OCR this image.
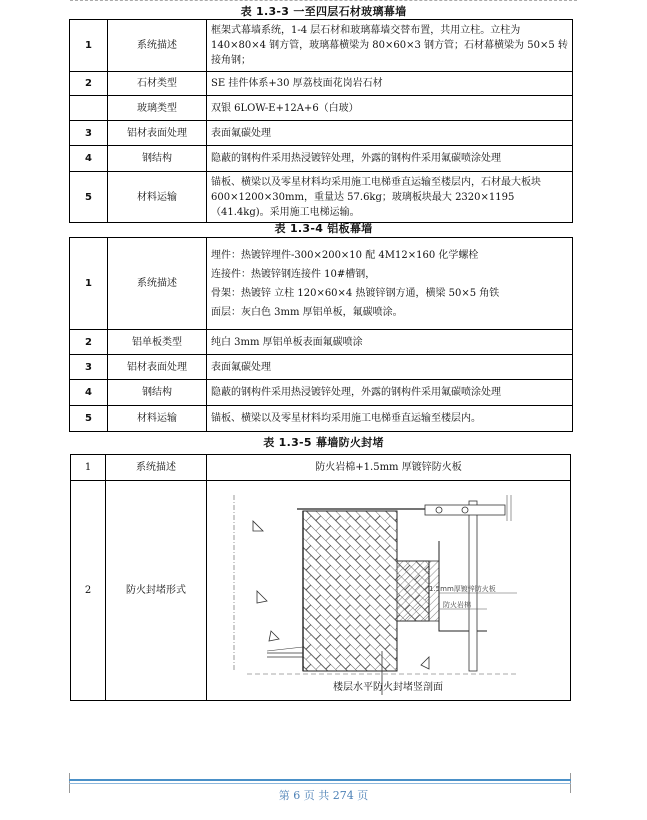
表 1.3-3 一至四层石材玻璃幕墙
1	系统描述	框架式幕墙系统，1-4 层石材和玻璃幕墙交替布置，共用立柱。立柱为 140×80×4 钢方管，玻璃幕横梁为 80×60×3 钢方管；石材幕横梁为 50×5 转接角钢；
2	石材类型	SE 挂件体系+30 厚荔枝面花岗岩石材
	玻璃类型	双银 6LOW-E+12A+6（白玻）
3	铝材表面处理	表面氟碳处理
4	钢结构	隐蔽的钢构件采用热浸镀锌处理，外露的钢构件采用氟碳喷涂处理
5	材料运输	锚板、横梁以及零星材料均采用施工电梯垂直运输至楼层内，石材最大板块 600×1200×30mm，重量达 57.6kg；玻璃板块最大 2320×1195（41.4kg)。采用施工电梯运输。
表 1.3-4 铝板幕墙
1	系统描述	埋件：热镀锌埋件-300×200×10 配 4M12×160 化学螺栓
连接件：热镀锌钢连接件 10#槽钢，
骨架：热镀锌 立柱 120×60×4 热镀锌钢方通，横梁 50×5 角铁
面层：灰白色 3mm 厚铝单板，氟碳喷涂。

2	铝单板类型	纯白 3mm 厚铝单板表面氟碳喷涂
3	铝材表面处理	表面氟碳处理
4	钢结构	隐蔽的钢构件采用热浸镀锌处理，外露的钢构件采用氟碳喷涂处理
5	材料运输	锚板、横梁以及零星材料均采用施工电梯垂直运输至楼层内。
表 1.3-5 幕墙防火封堵
1	系统描述	防火岩棉+1.5mm 厚镀锌防火板
2	防火封堵形式	1.5mm厚镀锌防火板
防火岩棉
楼层水平防火封堵竖剖面
第 6 页 共 274 页
